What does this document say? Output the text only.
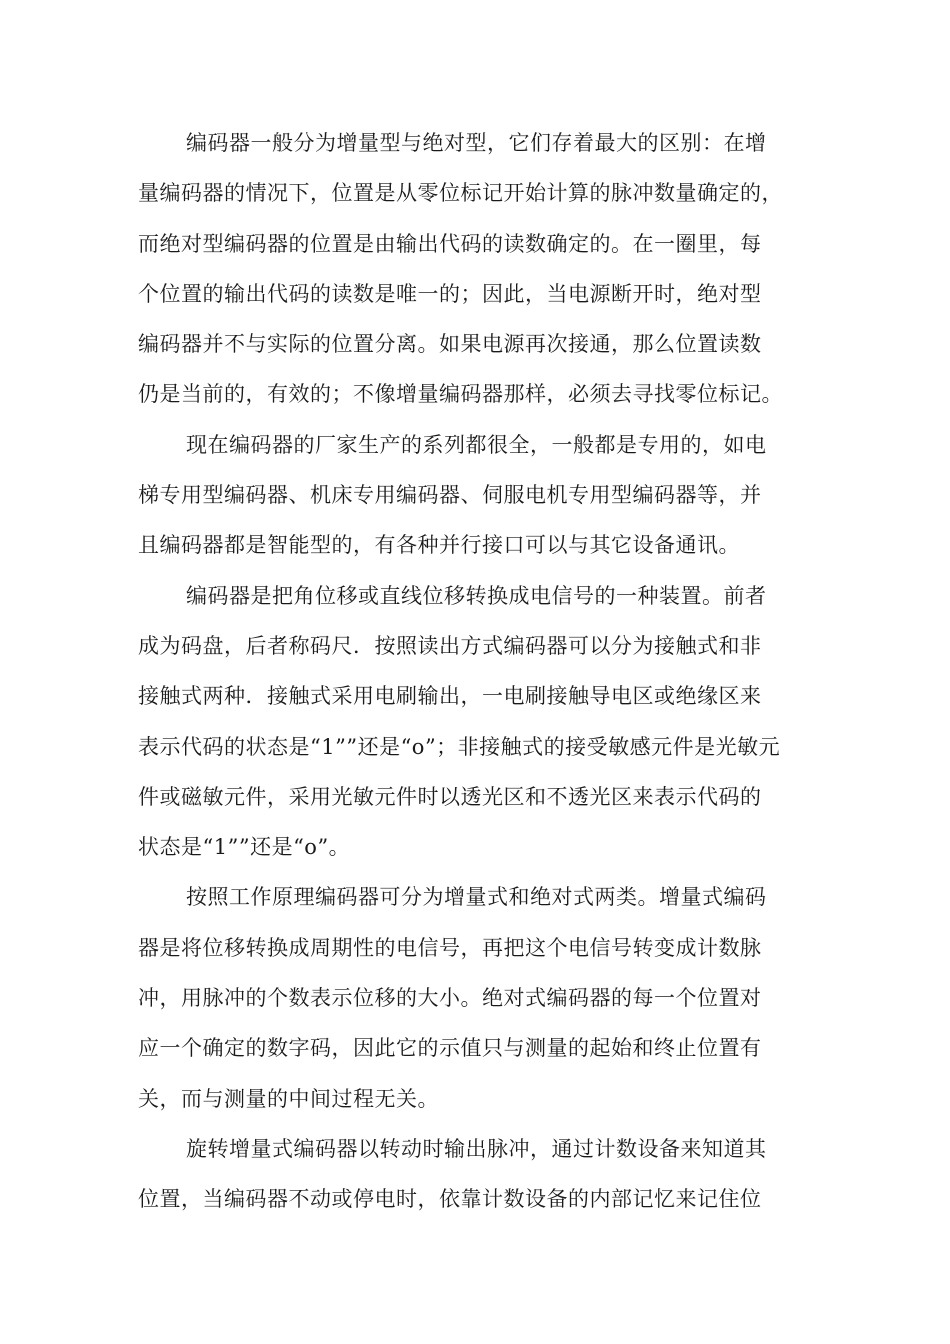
编码器一般分为增量型与绝对型，它们存着最大的区别：在增
量编码器的情况下，位置是从零位标记开始计算的脉冲数量确定的，
而绝对型编码器的位置是由输出代码的读数确定的。在一圈里，每
个位置的输出代码的读数是唯一的；因此，当电源断开时，绝对型
编码器并不与实际的位置分离。如果电源再次接通，那么位置读数
仍是当前的，有效的；不像增量编码器那样，必须去寻找零位标记。
现在编码器的厂家生产的系列都很全，一般都是专用的，如电
梯专用型编码器、机床专用编码器、伺服电机专用型编码器等，并
且编码器都是智能型的，有各种并行接口可以与其它设备通讯。
编码器是把角位移或直线位移转换成电信号的一种装置。前者
成为码盘，后者称码尺．按照读出方式编码器可以分为接触式和非
接触式两种．接触式采用电刷输出，一电刷接触导电区或绝缘区来
表示代码的状态是“1””还是“o”；非接触式的接受敏感元件是光敏元
件或磁敏元件，采用光敏元件时以透光区和不透光区来表示代码的
状态是“1””还是“o”。
按照工作原理编码器可分为增量式和绝对式两类。增量式编码
器是将位移转换成周期性的电信号，再把这个电信号转变成计数脉
冲，用脉冲的个数表示位移的大小。绝对式编码器的每一个位置对
应一个确定的数字码，因此它的示值只与测量的起始和终止位置有
关，而与测量的中间过程无关。
旋转增量式编码器以转动时输出脉冲，通过计数设备来知道其
位置，当编码器不动或停电时，依靠计数设备的内部记忆来记住位
